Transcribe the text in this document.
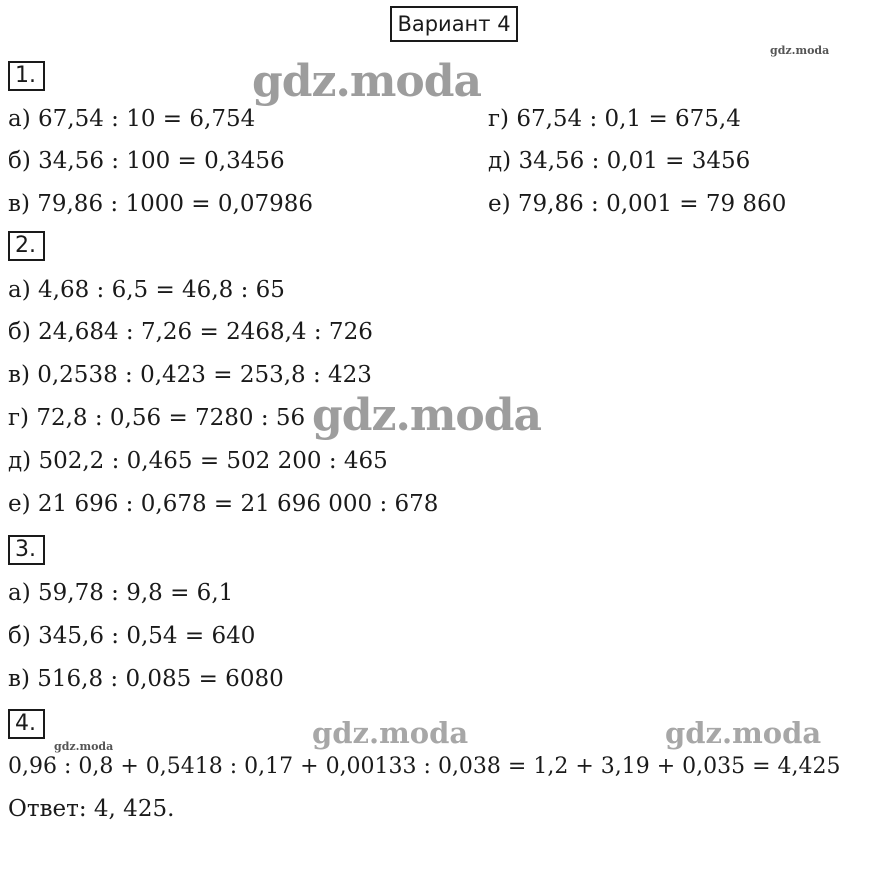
Вариант 4
gdz.moda
gdz.moda
gdz.moda
gdz.moda	gdz.moda
gdz.moda
1.
а) 67,54 : 10 = 6,754
б) 34,56 : 100 = 0,3456
в) 79,86 : 1000 = 0,07986
г) 67,54 : 0,1 = 675,4
д) 34,56 : 0,01 = 3456
е) 79,86 : 0,001 = 79 860
2.
а) 4,68 : 6,5 = 46,8 : 65
б) 24,684 : 7,26 = 2468,4 : 726
в) 0,2538 : 0,423 = 253,8 : 423
г) 72,8 : 0,56 = 7280 : 56
д) 502,2 : 0,465 = 502 200 : 465
е) 21 696 : 0,678 = 21 696 000 : 678
3.
а) 59,78 : 9,8 = 6,1
б) 345,6 : 0,54 = 640
в) 516,8 : 0,085 = 6080
4.
0,96 : 0,8 + 0,5418 : 0,17 + 0,00133 : 0,038 = 1,2 + 3,19 + 0,035 = 4,425
Ответ: 4, 425.
